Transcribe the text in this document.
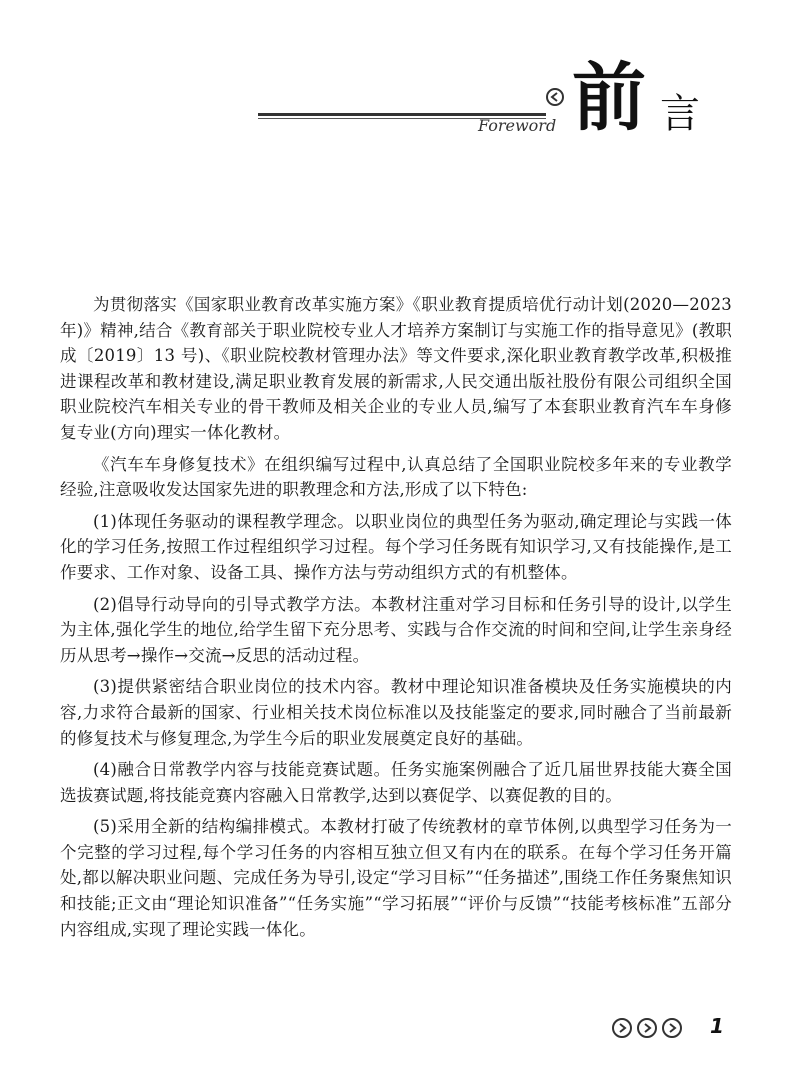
Foreword 前 言

为贯彻落实《国家职业教育改革实施方案》《职业教育提质培优行动计划(2020—2023年)》精神,结合《教育部关于职业院校专业人才培养方案制订与实施工作的指导意见》(教职成〔2019〕13 号)、《职业院校教材管理办法》等文件要求,深化职业教育教学改革,积极推进课程改革和教材建设,满足职业教育发展的新需求,人民交通出版社股份有限公司组织全国职业院校汽车相关专业的骨干教师及相关企业的专业人员,编写了本套职业教育汽车车身修复专业(方向)理实一体化教材。

《汽车车身修复技术》在组织编写过程中,认真总结了全国职业院校多年来的专业教学经验,注意吸收发达国家先进的职教理念和方法,形成了以下特色:

(1)体现任务驱动的课程教学理念。以职业岗位的典型任务为驱动,确定理论与实践一体化的学习任务,按照工作过程组织学习过程。每个学习任务既有知识学习,又有技能操作,是工作要求、工作对象、设备工具、操作方法与劳动组织方式的有机整体。

(2)倡导行动导向的引导式教学方法。本教材注重对学习目标和任务引导的设计,以学生为主体,强化学生的地位,给学生留下充分思考、实践与合作交流的时间和空间,让学生亲身经历从思考→操作→交流→反思的活动过程。

(3)提供紧密结合职业岗位的技术内容。教材中理论知识准备模块及任务实施模块的内容,力求符合最新的国家、行业相关技术岗位标准以及技能鉴定的要求,同时融合了当前最新的修复技术与修复理念,为学生今后的职业发展奠定良好的基础。

(4)融合日常教学内容与技能竞赛试题。任务实施案例融合了近几届世界技能大赛全国选拔赛试题,将技能竞赛内容融入日常教学,达到以赛促学、以赛促教的目的。

(5)采用全新的结构编排模式。本教材打破了传统教材的章节体例,以典型学习任务为一个完整的学习过程,每个学习任务的内容相互独立但又有内在的联系。在每个学习任务开篇处,都以解决职业问题、完成任务为导引,设定“学习目标”“任务描述”,围绕工作任务聚焦知识和技能;正文由“理论知识准备”“任务实施”“学习拓展”“评价与反馈”“技能考核标准”五部分内容组成,实现了理论实践一体化。

1
